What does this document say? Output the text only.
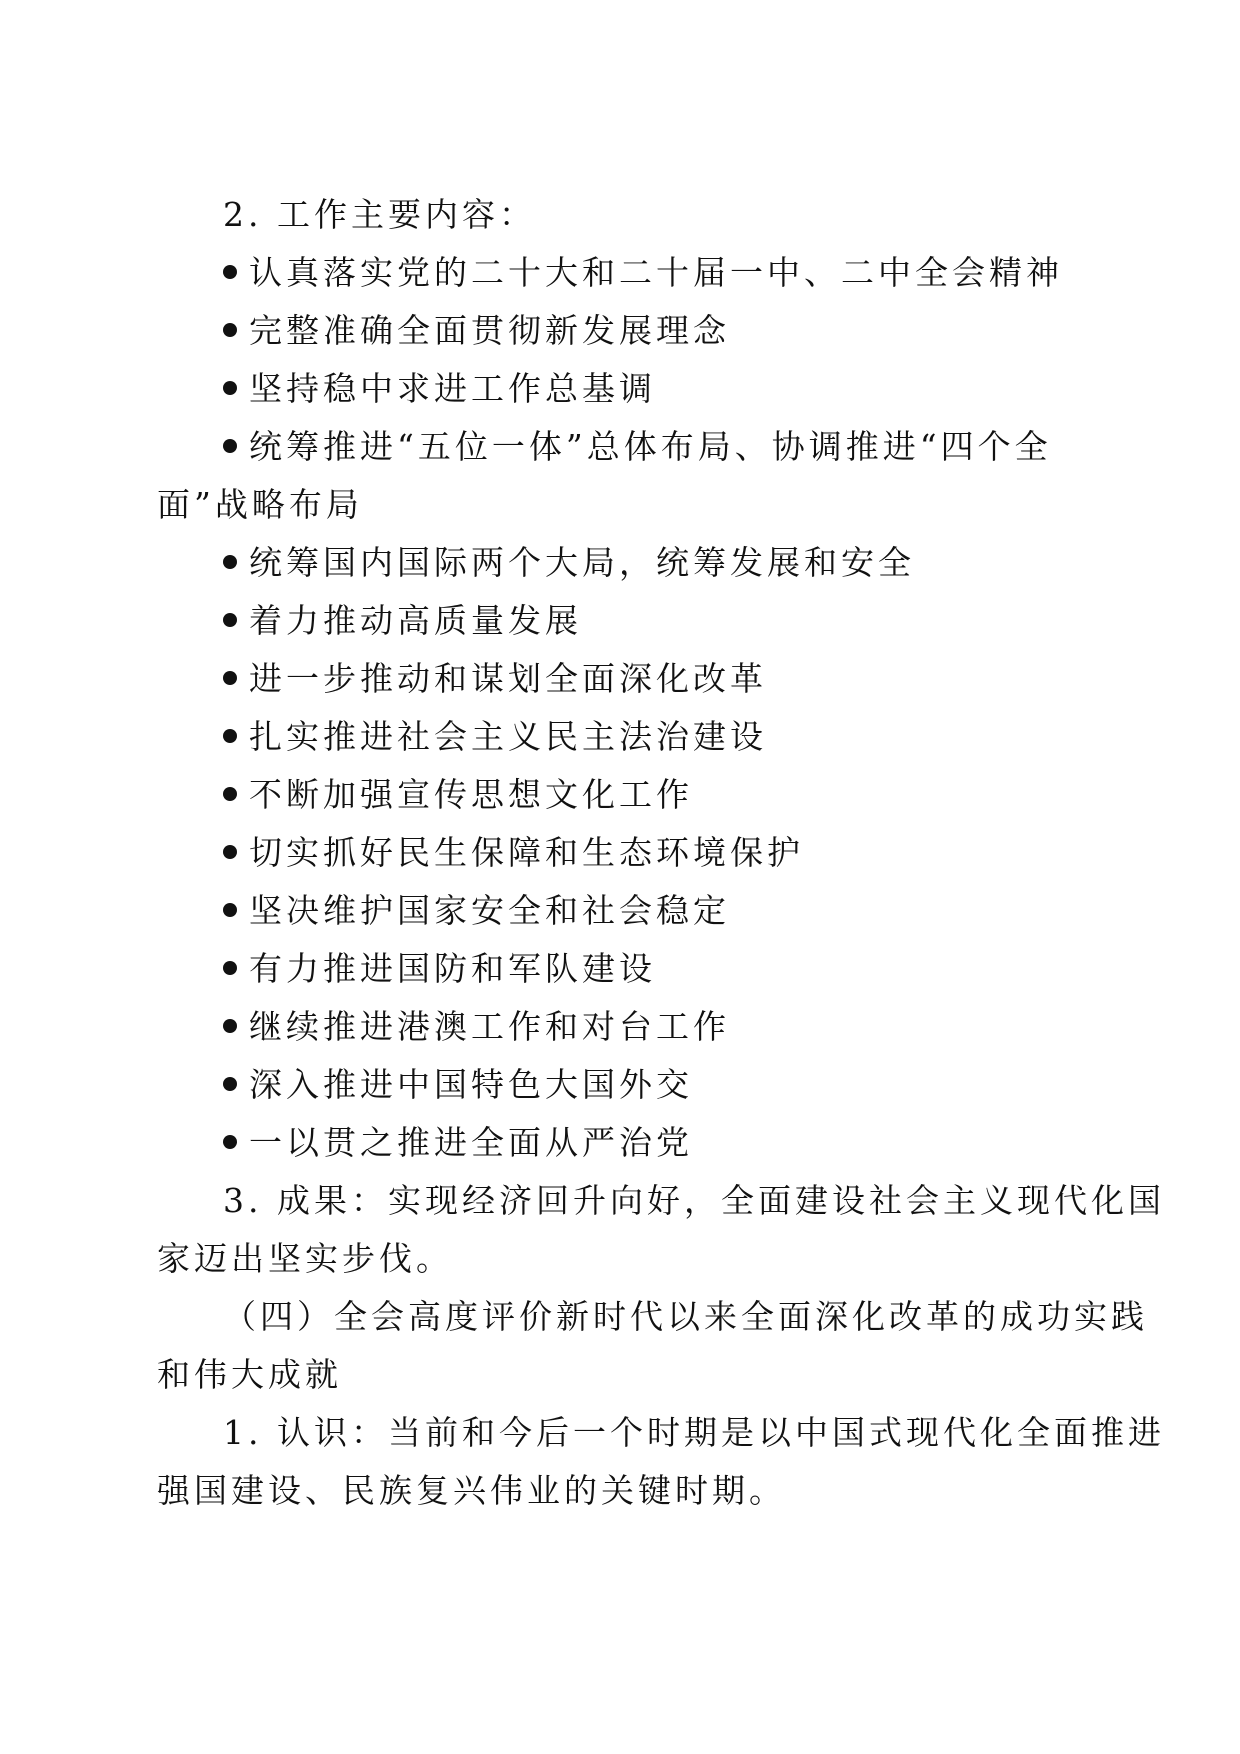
2. 工作主要内容：
认真落实党的二十大和二十届一中、二中全会精神
完整准确全面贯彻新发展理念
坚持稳中求进工作总基调
统筹推进“五位一体”总体布局、协调推进“四个全
面”战略布局
统筹国内国际两个大局，统筹发展和安全
着力推动高质量发展
进一步推动和谋划全面深化改革
扎实推进社会主义民主法治建设
不断加强宣传思想文化工作
切实抓好民生保障和生态环境保护
坚决维护国家安全和社会稳定
有力推进国防和军队建设
继续推进港澳工作和对台工作
深入推进中国特色大国外交
一以贯之推进全面从严治党
3. 成果：实现经济回升向好，全面建设社会主义现代化国
家迈出坚实步伐。
（四）全会高度评价新时代以来全面深化改革的成功实践
和伟大成就
1. 认识：当前和今后一个时期是以中国式现代化全面推进
强国建设、民族复兴伟业的关键时期。
